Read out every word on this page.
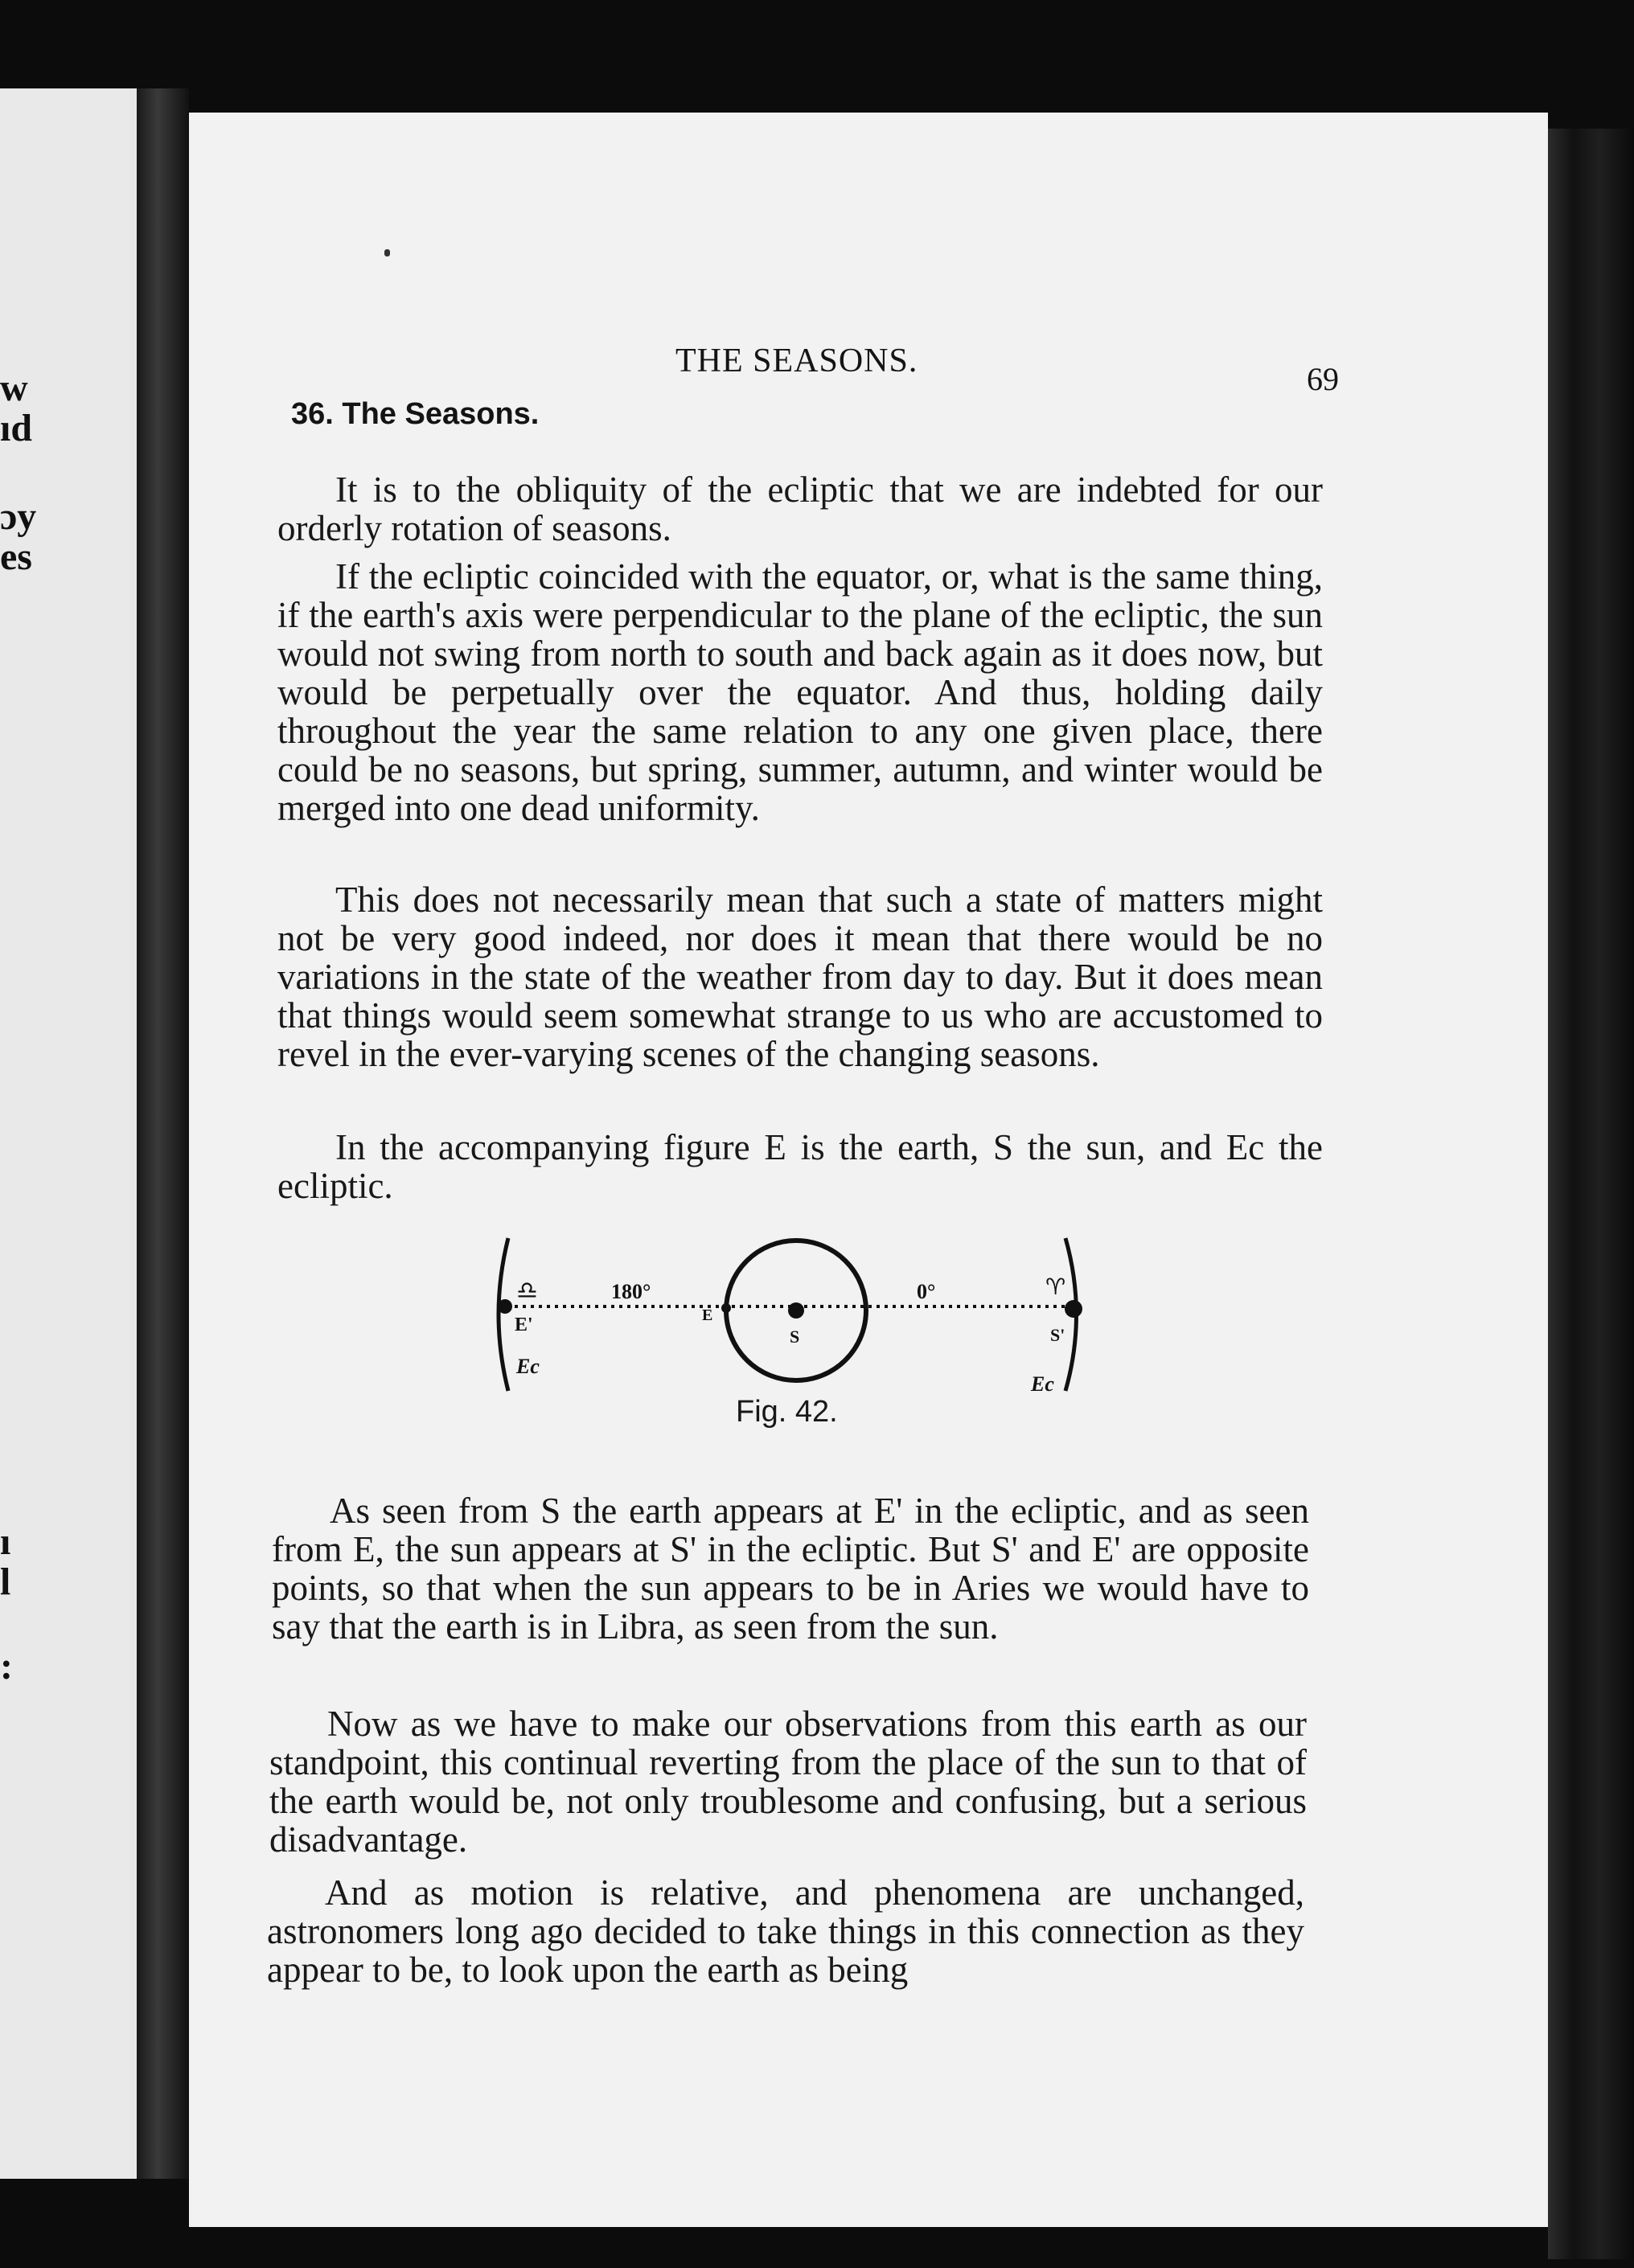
w
ıd
ɔy
es
ı
l
:
THE SEASONS.	69
36. The Seasons.

It is to the obliquity of the ecliptic that we are indebted for our orderly rotation of seasons.

If the ecliptic coincided with the equator, or, what is the same thing, if the earth's axis were perpendicular to the plane of the ecliptic, the sun would not swing from north to south and back again as it does now, but would be perpetually over the equator. And thus, holding daily throughout the year the same relation to any one given place, there could be no seasons, but spring, summer, autumn, and winter would be merged into one dead uniformity.

This does not necessarily mean that such a state of matters might not be very good indeed, nor does it mean that there would be no variations in the state of the weather from day to day. But it does mean that things would seem somewhat strange to us who are accustomed to revel in the ever-varying scenes of the changing seasons.

In the accompanying figure E is the earth, S the sun, and Ec the ecliptic.

♎	180°	0°	♈
E'	E
S	S'
Ec
Ec
Fig. 42.

As seen from S the earth appears at E' in the ecliptic, and as seen from E, the sun appears at S' in the ecliptic. But S' and E' are opposite points, so that when the sun appears to be in Aries we would have to say that the earth is in Libra, as seen from the sun.

Now as we have to make our observations from this earth as our standpoint, this continual reverting from the place of the sun to that of the earth would be, not only troublesome and confusing, but a serious disadvantage.

And as motion is relative, and phenomena are unchanged, astronomers long ago decided to take things in this connection as they appear to be, to look upon the earth as being
